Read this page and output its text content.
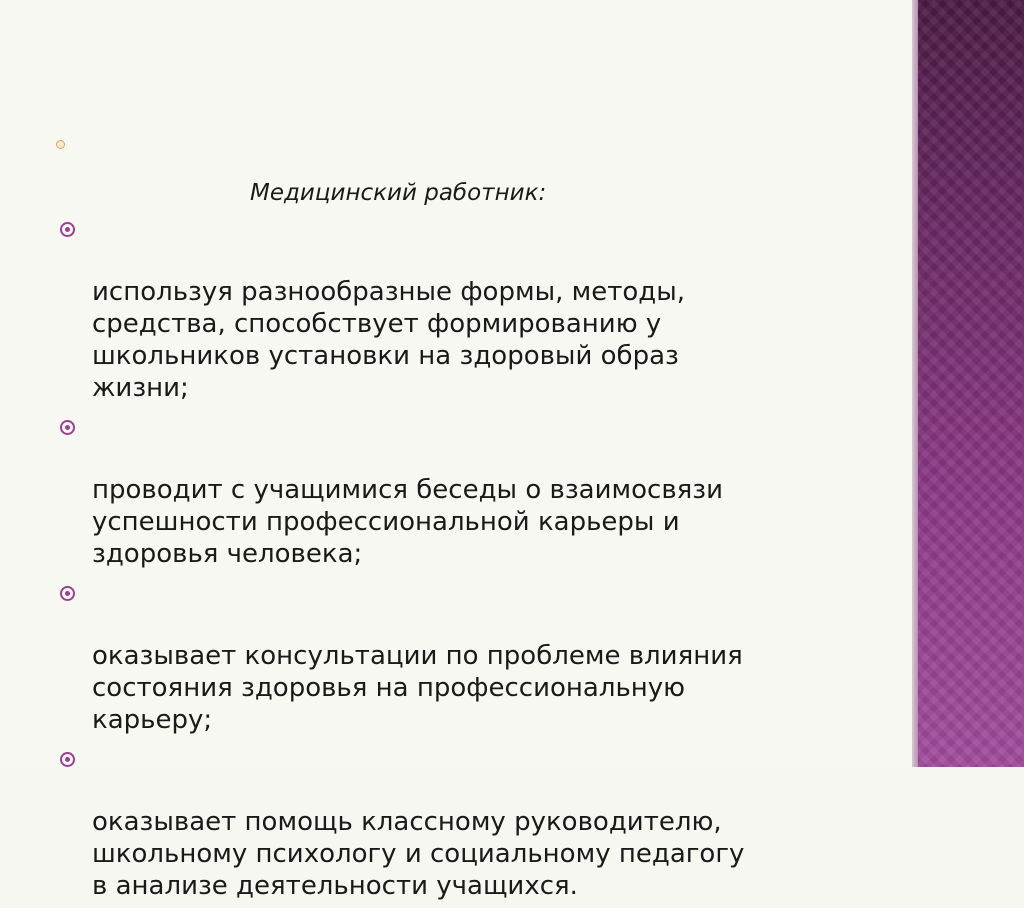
Медицинский работник:

используя разнообразные формы, методы,
средства, способствует формированию у
школьников установки на здоровый образ
жизни;

проводит с учащимися беседы о взаимосвязи
успешности профессиональной карьеры и
здоровья человека;

оказывает консультации по проблеме влияния
состояния здоровья на профессиональную
карьеру;

оказывает помощь классному руководителю,
школьному психологу и социальному педагогу
в анализе деятельности учащихся.
